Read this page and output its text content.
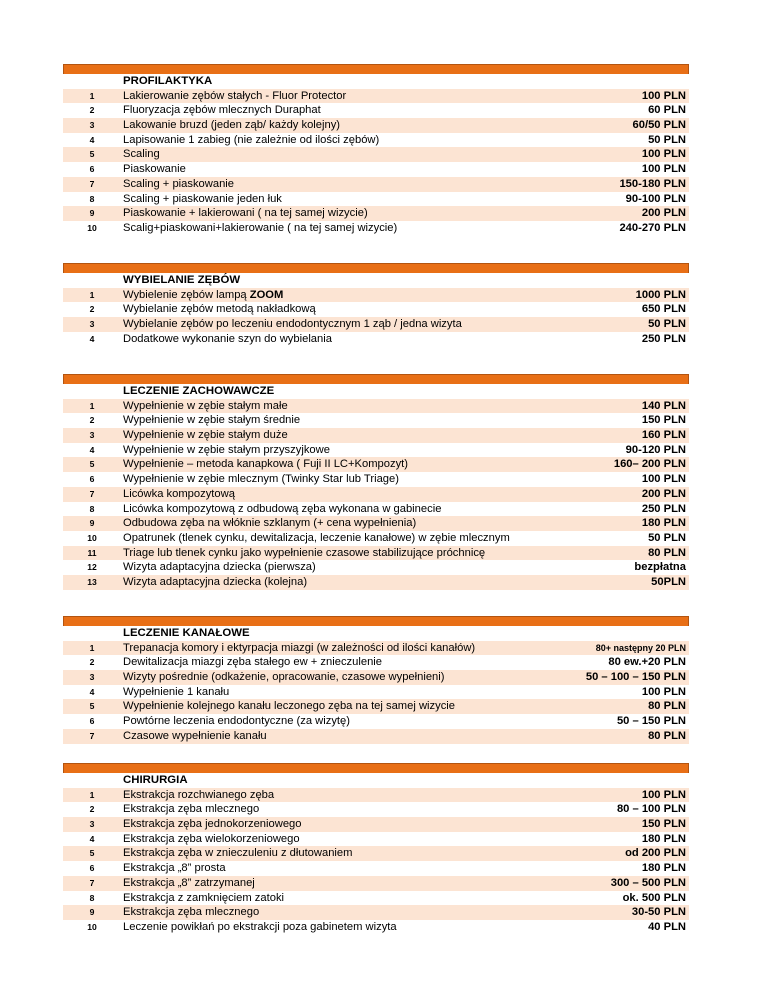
PROFILAKTYKA
1	Lakierowanie zębów stałych - Fluor Protector	100 PLN
2	Fluoryzacja zębów mlecznych Duraphat	60 PLN
3	Lakowanie bruzd (jeden ząb/ każdy kolejny)	60/50 PLN
4	Lapisowanie 1 zabieg (nie zależnie od ilości zębów)	50 PLN
5	Scaling	100 PLN
6	Piaskowanie	100 PLN
7	Scaling + piaskowanie	150-180 PLN
8	Scaling + piaskowanie jeden łuk	90-100 PLN
9	Piaskowanie + lakierowani ( na tej samej wizycie)	200 PLN
10	Scalig+piaskowani+lakierowanie ( na tej samej wizycie)	240-270 PLN
WYBIELANIE ZĘBÓW
1	Wybielenie zębów lampą ZOOM	1000 PLN
2	Wybielanie zębów metodą nakładkową	650 PLN
3	Wybielanie zębów po leczeniu endodontycznym 1 ząb / jedna wizyta	50 PLN
4	Dodatkowe wykonanie szyn do wybielania	250 PLN
LECZENIE ZACHOWAWCZE
1	Wypełnienie w zębie stałym małe	140 PLN
2	Wypełnienie w zębie stałym średnie	150 PLN
3	Wypełnienie w zębie stałym duże	160 PLN
4	Wypełnienie w zębie stałym przyszyjkowe	90-120 PLN
5	Wypełnienie – metoda kanapkowa ( Fuji II LC+Kompozyt)	160– 200 PLN
6	Wypełnienie w zębie mlecznym (Twinky Star lub Triage)	100 PLN
7	Licówka kompozytową	200 PLN
8	Licówka kompozytową z odbudową zęba wykonana w gabinecie	250 PLN
9	Odbudowa zęba na włóknie szklanym (+ cena wypełnienia)	180 PLN
10	Opatrunek (tlenek cynku, dewitalizacja, leczenie kanałowe) w zębie mlecznym	50 PLN
11	Triage lub tlenek cynku jako wypełnienie czasowe stabilizujące próchnicę	80 PLN
12	Wizyta adaptacyjna dziecka (pierwsza)	bezpłatna
13	Wizyta adaptacyjna dziecka (kolejna)	50PLN
LECZENIE KANAŁOWE
1	Trepanacja komory i ektyrpacja miazgi (w zależności od ilości kanałów)	80+ następny 20 PLN
2	Dewitalizacja miazgi zęba stałego ew + znieczulenie	80 ew.+20 PLN
3	Wizyty pośrednie (odkażenie, opracowanie, czasowe wypełnieni)	50 – 100 – 150 PLN
4	Wypełnienie 1 kanału	100 PLN
5	Wypełnienie kolejnego kanału leczonego zęba na tej samej wizycie	80 PLN
6	Powtórne leczenia endodontyczne (za wizytę)	50 – 150 PLN
7	Czasowe wypełnienie kanału	80 PLN
CHIRURGIA
1	Ekstrakcja rozchwianego zęba	100 PLN
2	Ekstrakcja zęba mlecznego	80 – 100 PLN
3	Ekstrakcja zęba jednokorzeniowego	150 PLN
4	Ekstrakcja zęba wielokorzeniowego	180 PLN
5	Ekstrakcja zęba w znieczuleniu z dłutowaniem	od 200 PLN
6	Ekstrakcja „8” prosta	180 PLN
7	Ekstrakcja „8” zatrzymanej	300 – 500 PLN
8	Ekstrakcja z zamknięciem zatoki	ok. 500 PLN
9	Ekstrakcja zęba mlecznego	30-50 PLN
10	Leczenie powikłań po ekstrakcji poza gabinetem wizyta	40 PLN
